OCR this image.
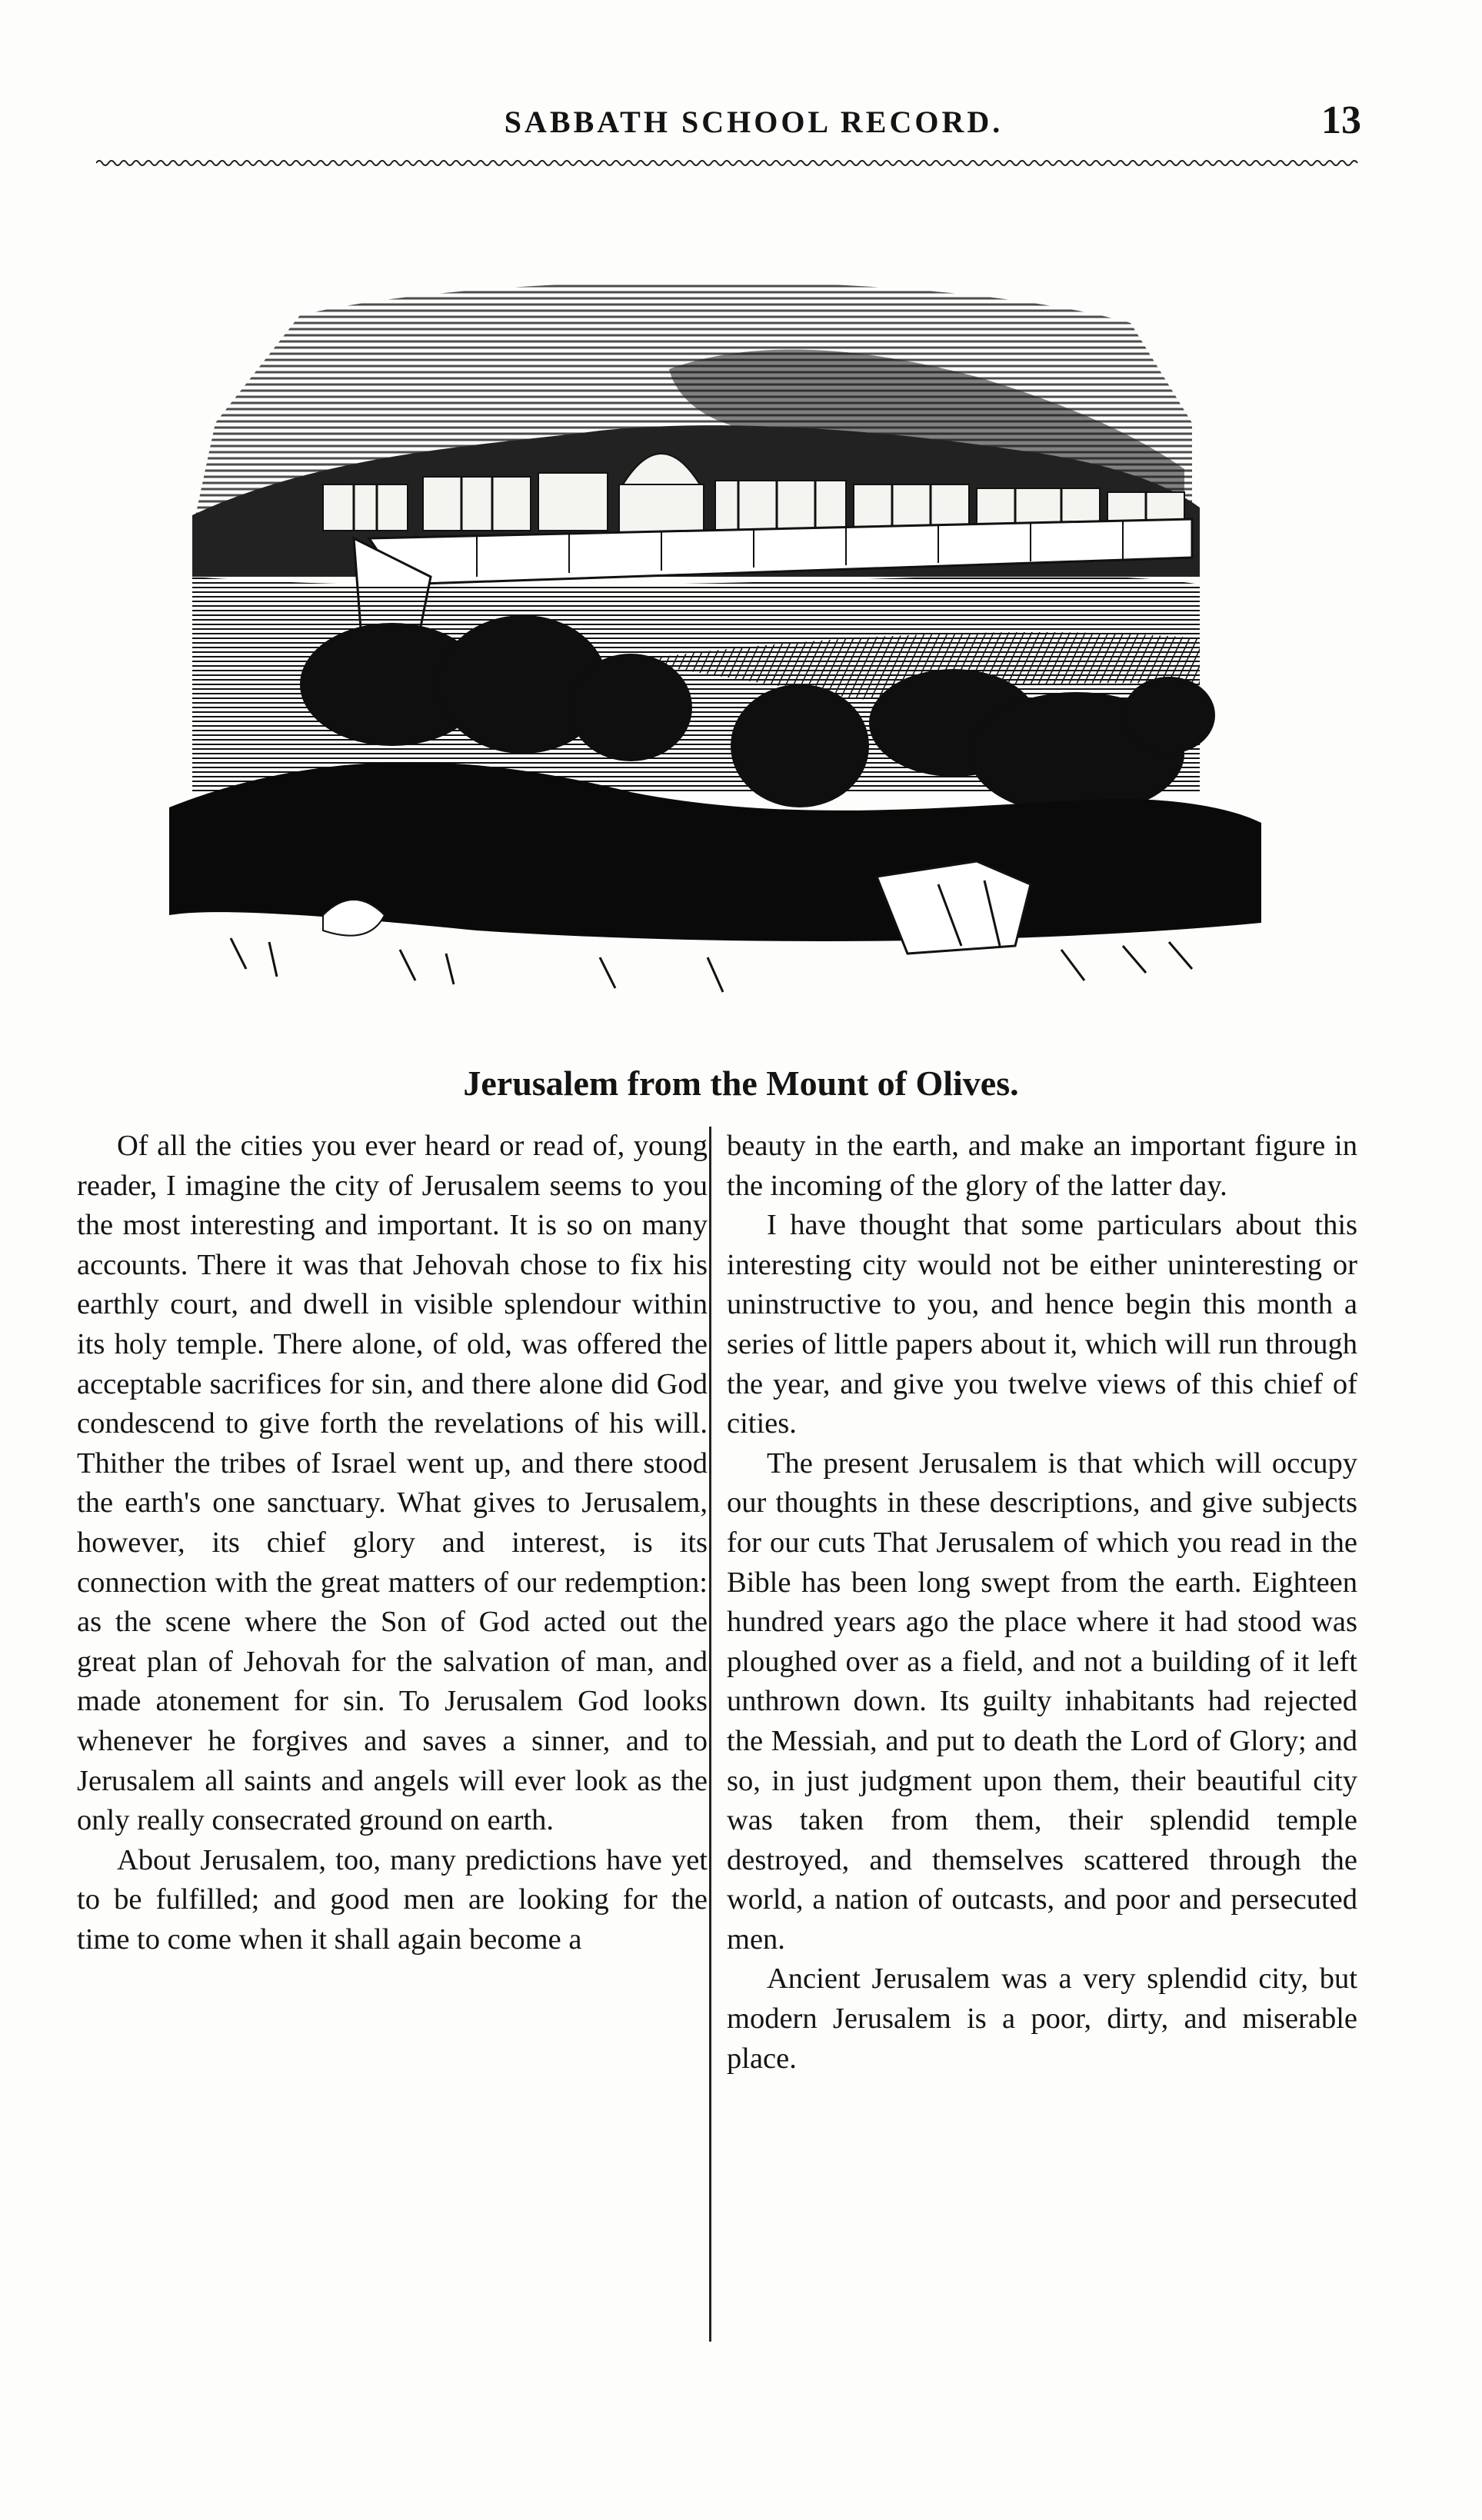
SABBATH SCHOOL RECORD.	13
Jerusalem from the Mount of Olives.

Of all the cities you ever heard or read of, young reader, I imagine the city of Jerusalem seems to you the most interesting and important. It is so on many accounts. There it was that Jehovah chose to fix his earthly court, and dwell in visible splendour within its holy temple. There alone, of old, was offered the acceptable sacrifices for sin, and there alone did God condescend to give forth the revelations of his will. Thither the tribes of Israel went up, and there stood the earth's one sanctuary. What gives to Jerusalem, however, its chief glory and interest, is its connection with the great matters of our redemption: as the scene where the Son of God acted out the great plan of Jehovah for the salvation of man, and made atonement for sin. To Jerusalem God looks whenever he forgives and saves a sinner, and to Jerusalem all saints and angels will ever look as the only really consecrated ground on earth.

About Jerusalem, too, many predictions have yet to be fulfilled; and good men are looking for the time to come when it shall again become a

beauty in the earth, and make an important figure in the incoming of the glory of the latter day.

I have thought that some particulars about this interesting city would not be either uninteresting or uninstructive to you, and hence begin this month a series of little papers about it, which will run through the year, and give you twelve views of this chief of cities.

The present Jerusalem is that which will occupy our thoughts in these descriptions, and give subjects for our cuts That Jerusalem of which you read in the Bible has been long swept from the earth. Eighteen hundred years ago the place where it had stood was ploughed over as a field, and not a building of it left unthrown down. Its guilty inhabitants had rejected the Messiah, and put to death the Lord of Glory; and so, in just judgment upon them, their beautiful city was taken from them, their splendid temple destroyed, and themselves scattered through the world, a nation of outcasts, and poor and persecuted men.

Ancient Jerusalem was a very splendid city, but modern Jerusalem is a poor, dirty, and miserable place.
